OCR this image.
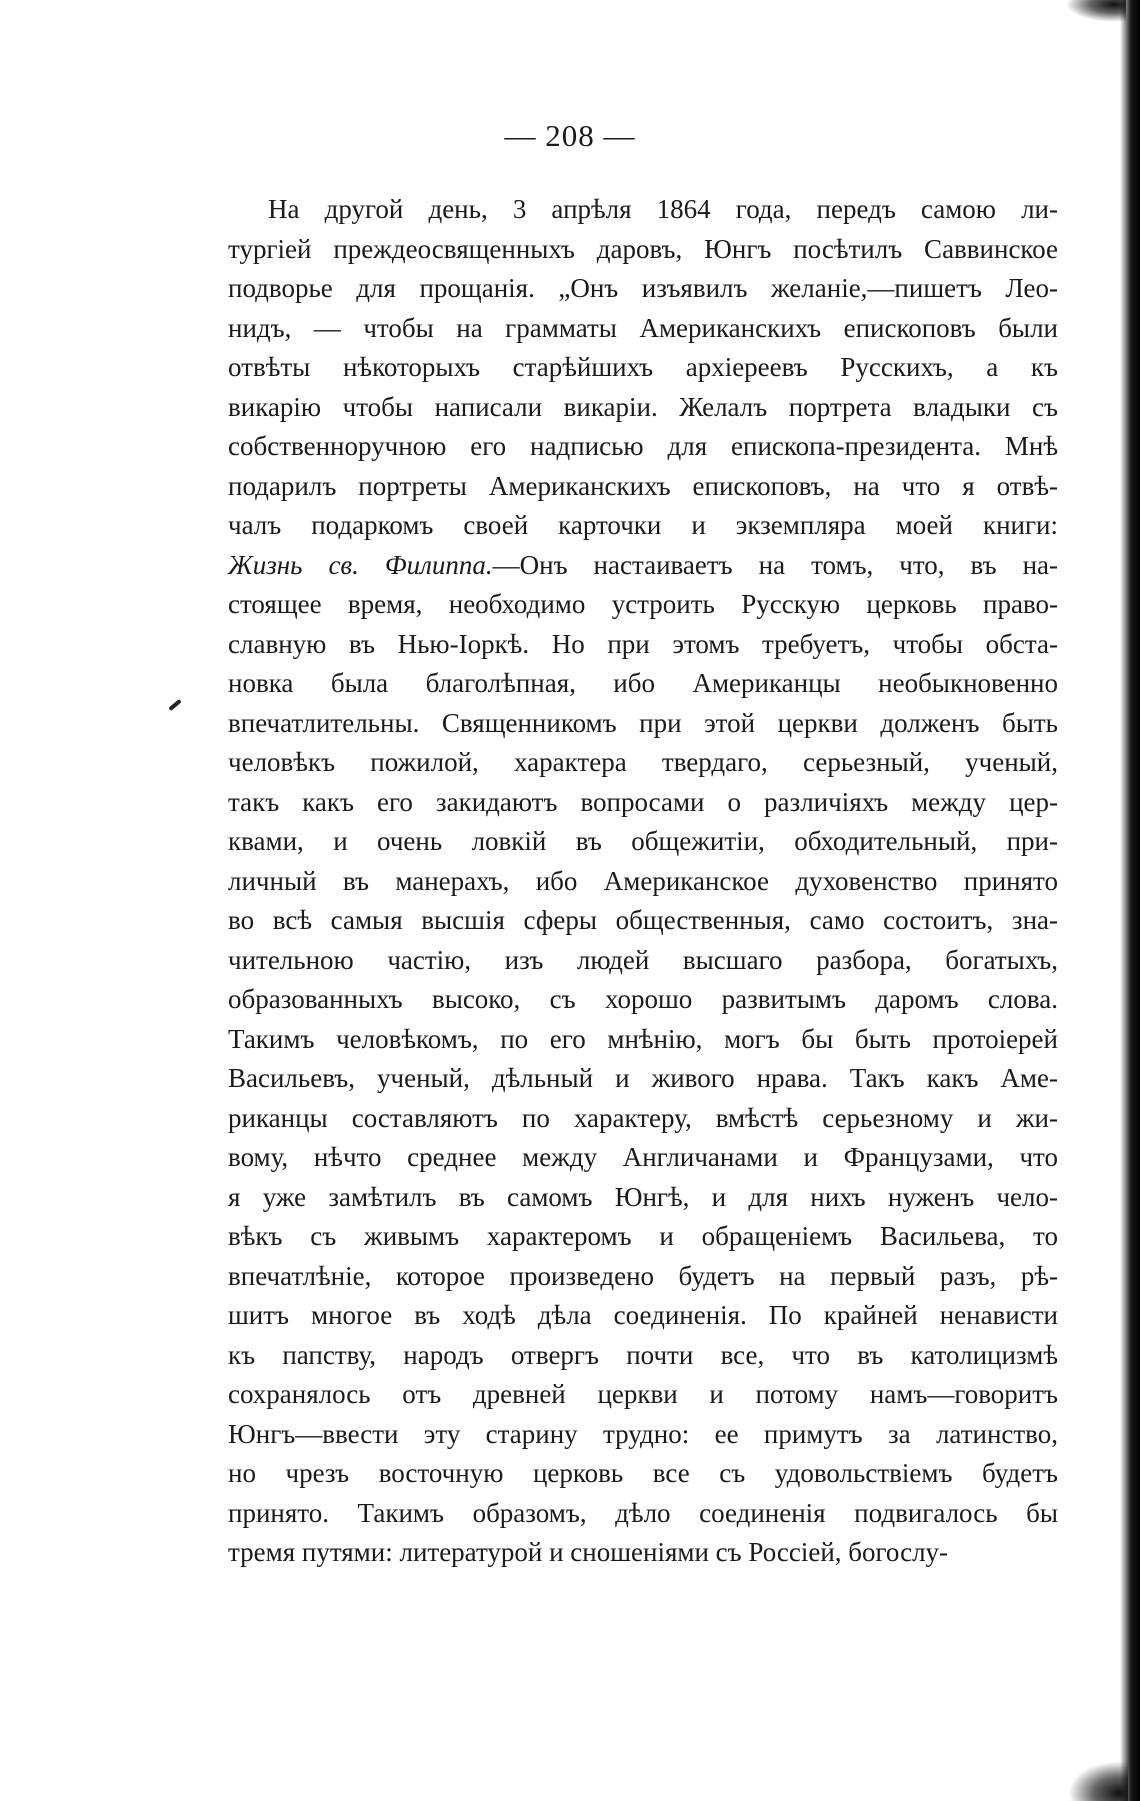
— 208 —
На другой день, 3 апрѣля 1864 года, передъ самою ли-
тургіей преждеосвященныхъ даровъ, Юнгъ посѣтилъ Саввинское
подворье для прощанія. „Онъ изъявилъ желаніе,—пишетъ Лео-
нидъ, — чтобы на грамматы Американскихъ епископовъ были
отвѣты нѣкоторыхъ старѣйшихъ архіереевъ Русскихъ, а къ
викарію чтобы написали викаріи. Желалъ портрета владыки съ
собственноручною его надписью для епископа-президента. Мнѣ
подарилъ портреты Американскихъ епископовъ, на что я отвѣ-
чалъ подаркомъ своей карточки и экземпляра моей книги:
Жизнь св. Филиппа.—Онъ настаиваетъ на томъ, что, въ на-
стоящее время, необходимо устроить Русскую церковь право-
славную въ Нью-Іоркѣ. Но при этомъ требуетъ, чтобы обста-
новка была благолѣпная, ибо Американцы необыкновенно
впечатлительны. Священникомъ при этой церкви долженъ быть
человѣкъ пожилой, характера твердаго, серьезный, ученый,
такъ какъ его закидаютъ вопросами о различіяхъ между цер-
квами, и очень ловкій въ общежитіи, обходительный, при-
личный въ манерахъ, ибо Американское духовенство принято
во всѣ самыя высшія сферы общественныя, само состоитъ, зна-
чительною частію, изъ людей высшаго разбора, богатыхъ,
образованныхъ высоко, съ хорошо развитымъ даромъ слова.
Такимъ человѣкомъ, по его мнѣнію, могъ бы быть протоіерей
Васильевъ, ученый, дѣльный и живого нрава. Такъ какъ Аме-
риканцы составляютъ по характеру, вмѣстѣ серьезному и жи-
вому, нѣчто среднее между Англичанами и Французами, что
я уже замѣтилъ въ самомъ Юнгѣ, и для нихъ нуженъ чело-
вѣкъ съ живымъ характеромъ и обращеніемъ Васильева, то
впечатлѣніе, которое произведено будетъ на первый разъ, рѣ-
шитъ многое въ ходѣ дѣла соединенія. По крайней ненависти
къ папству, народъ отвергъ почти все, что въ католицизмѣ
сохранялось отъ древней церкви и потому намъ—говоритъ
Юнгъ—ввести эту старину трудно: ее примутъ за латинство,
но чрезъ восточную церковь все съ удовольствіемъ будетъ
принято. Такимъ образомъ, дѣло соединенія подвигалось бы
тремя путями: литературой и сношеніями съ Россіей, богослу-
